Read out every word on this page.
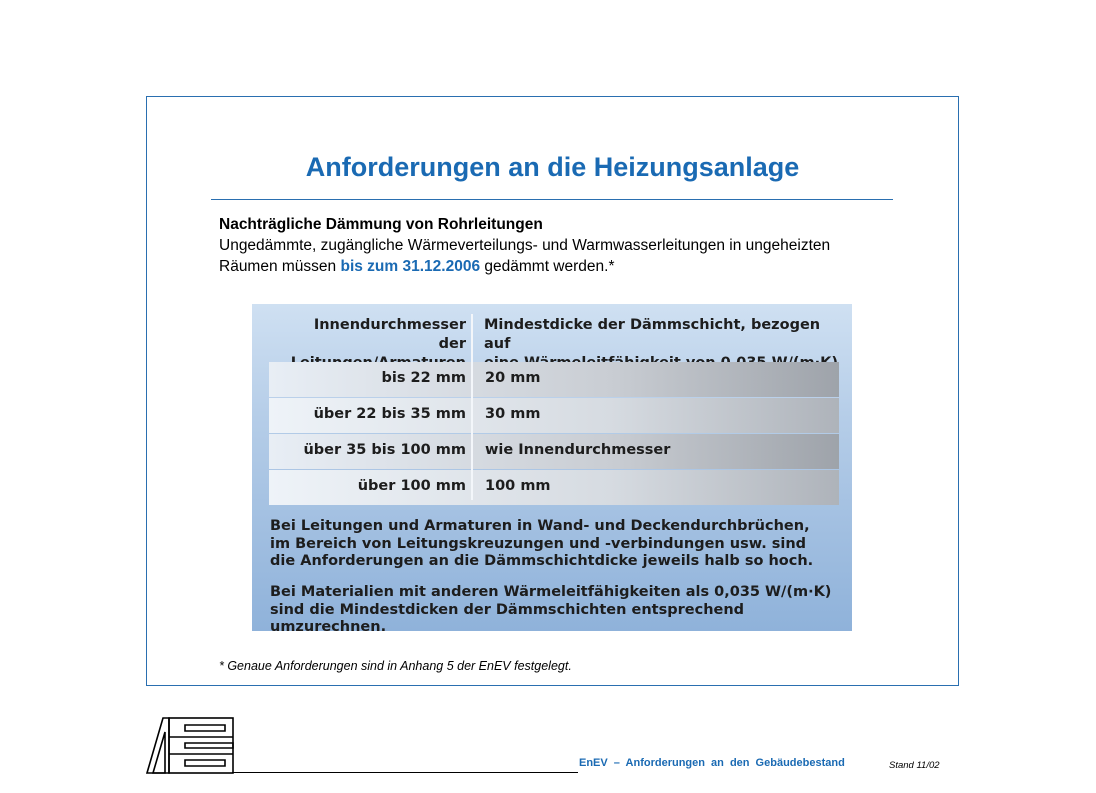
Anforderungen an die Heizungsanlage
Nachträgliche Dämmung von Rohrleitungen
Ungedämmte, zugängliche Wärmeverteilungs- und Warmwasserleitungen in ungeheizten Räumen müssen bis zum 31.12.2006 gedämmt werden.*
Innendurchmesser
der
Mindestdicke der Dämmschicht, bezogen auf
bis 22 mm 20 mm
über 22 bis 35 mm 30 mm
über 35 bis 100 mm wie Innendurchmesser
über 100 mm 100 mm
Bei Leitungen und Armaturen in Wand- und Deckendurchbrüchen,
im Bereich von Leitungskreuzungen und -verbindungen usw. sind
die Anforderungen an die Dämmschichtdicke jeweils halb so hoch.
Bei Materialien mit anderen Wärmeleitfähigkeiten als 0,035 W/(m·K)
sind die Mindestdicken der Dämmschichten entsprechend umzurechnen.
* Genaue Anforderungen sind in Anhang 5 der EnEV festgelegt.
EnEV – Anforderungen an den Gebäudebestand	Stand 11/02
